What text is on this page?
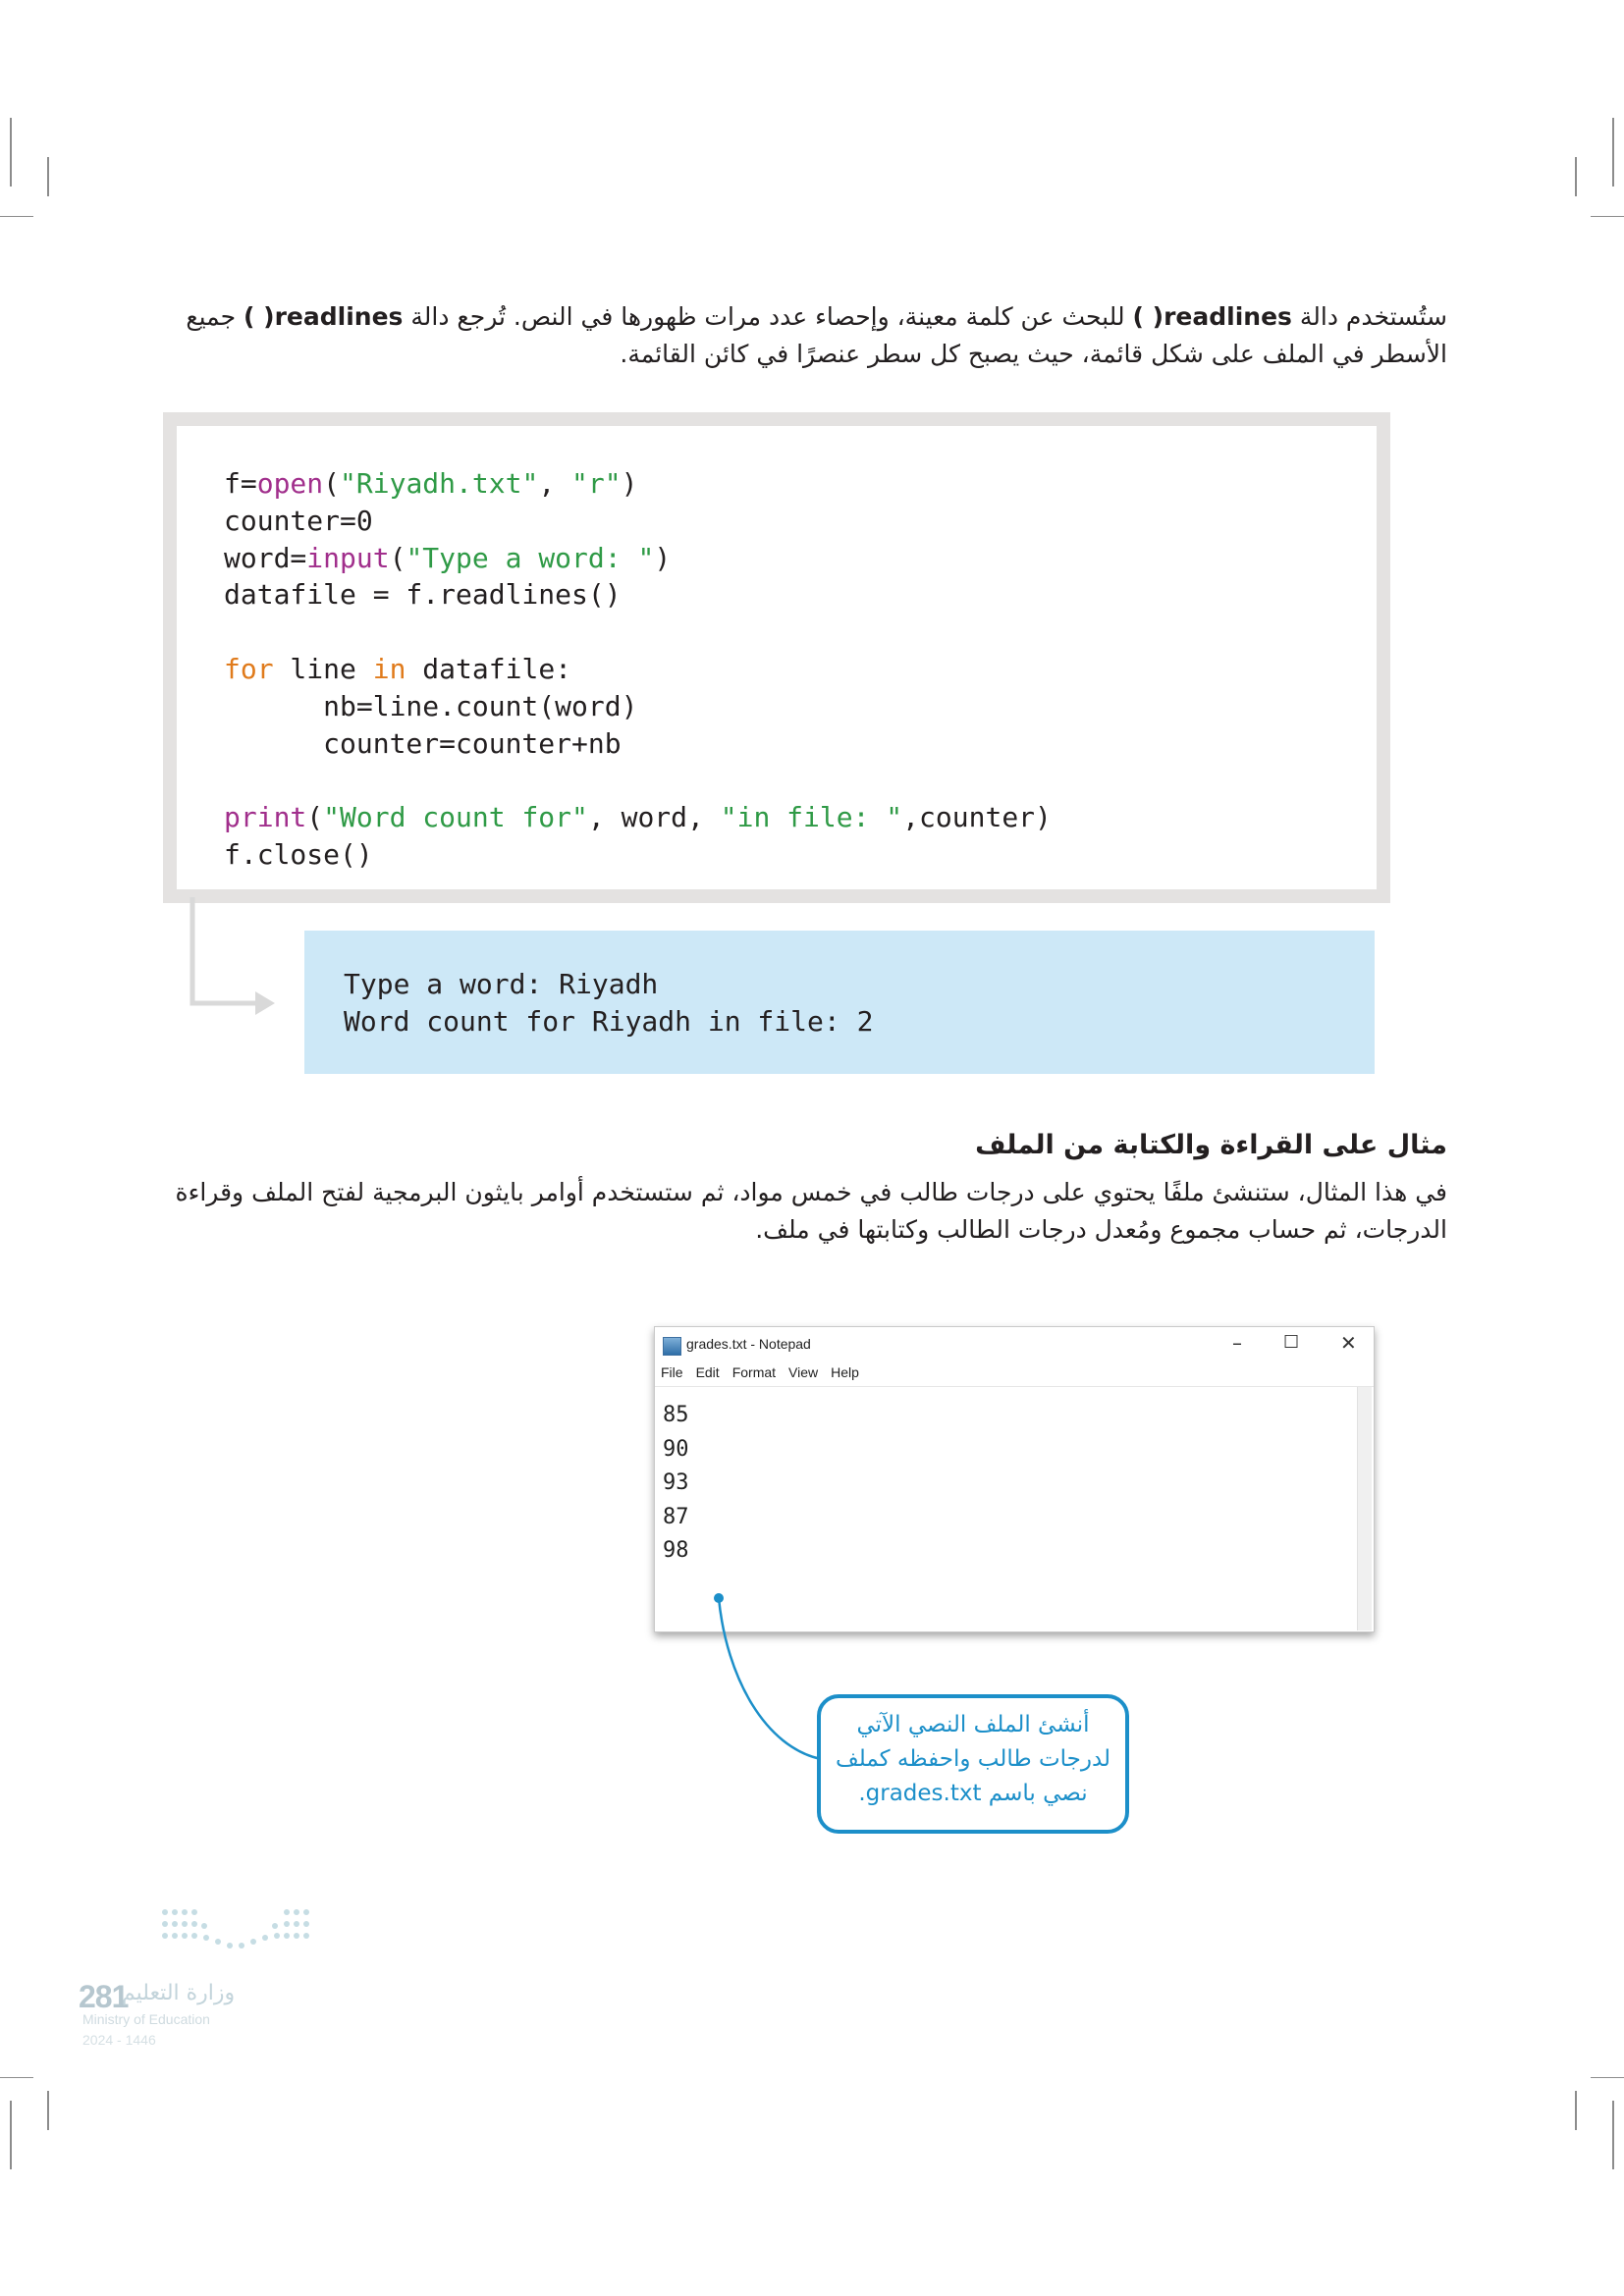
ستُستخدم دالة ( )readlines للبحث عن كلمة معينة، وإحصاء عدد مرات ظهورها في النص. تُرجع دالة ( )readlines جميع الأسطر في الملف على شكل قائمة، حيث يصبح كل سطر عنصرًا في كائن القائمة.
f=open("Riyadh.txt", "r")
counter=0
word=input("Type a word: ")
datafile = f.readlines()

for line in datafile:
nb=line.count(word)
counter=counter+nb

print("Word count for", word, "in file: ",counter)
f.close()
Type a word: Riyadh
Word count for Riyadh in file: 2
مثال على القراءة والكتابة من الملف
في هذا المثال، ستنشئ ملفًا يحتوي على درجات طالب في خمس مواد، ثم ستستخدم أوامر بايثون البرمجية لفتح الملف وقراءة الدرجات، ثم حساب مجموع ومُعدل درجات الطالب وكتابتها في ملف.
grades.txt - Notepad	– ☐ ✕
File Edit Format View Help
85
90
93
87
98
أنشئ الملف النصي الآتي
لدرجات طالب واحفظه كملف
نصي باسم grades.txt.
281
وزارة التعليم
Ministry of Education
2024 - 1446
